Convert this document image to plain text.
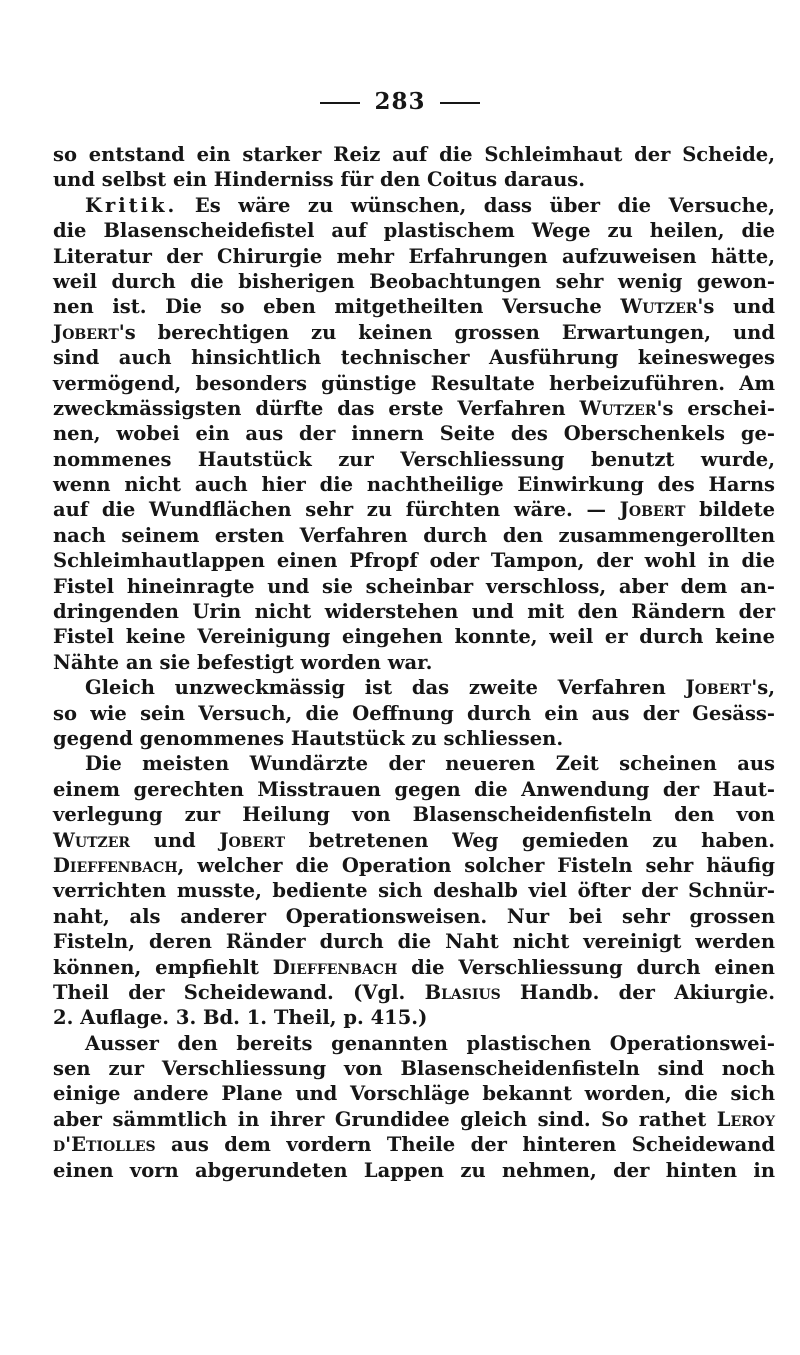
283
so entstand ein starker Reiz auf die Schleimhaut der Scheide,
und selbst ein Hinderniss für den Coitus daraus.
Kritik. Es wäre zu wünschen, dass über die Versuche,
die Blasenscheidefistel auf plastischem Wege zu heilen, die
Literatur der Chirurgie mehr Erfahrungen aufzuweisen hätte,
weil durch die bisherigen Beobachtungen sehr wenig gewon-
nen ist. Die so eben mitgetheilten Versuche Wutzer's und
Jobert's berechtigen zu keinen grossen Erwartungen, und
sind auch hinsichtlich technischer Ausführung keinesweges
vermögend, besonders günstige Resultate herbeizuführen. Am
zweckmässigsten dürfte das erste Verfahren Wutzer's erschei-
nen, wobei ein aus der innern Seite des Oberschenkels ge-
nommenes Hautstück zur Verschliessung benutzt wurde,
wenn nicht auch hier die nachtheilige Einwirkung des Harns
auf die Wundflächen sehr zu fürchten wäre. — Jobert bildete
nach seinem ersten Verfahren durch den zusammengerollten
Schleimhautlappen einen Pfropf oder Tampon, der wohl in die
Fistel hineinragte und sie scheinbar verschloss, aber dem an-
dringenden Urin nicht widerstehen und mit den Rändern der
Fistel keine Vereinigung eingehen konnte, weil er durch keine
Nähte an sie befestigt worden war.
Gleich unzweckmässig ist das zweite Verfahren Jobert's,
so wie sein Versuch, die Oeffnung durch ein aus der Gesäss-
gegend genommenes Hautstück zu schliessen.
Die meisten Wundärzte der neueren Zeit scheinen aus
einem gerechten Misstrauen gegen die Anwendung der Haut-
verlegung zur Heilung von Blasenscheidenfisteln den von
Wutzer und Jobert betretenen Weg gemieden zu haben.
Dieffenbach, welcher die Operation solcher Fisteln sehr häufig
verrichten musste, bediente sich deshalb viel öfter der Schnür-
naht, als anderer Operationsweisen. Nur bei sehr grossen
Fisteln, deren Ränder durch die Naht nicht vereinigt werden
können, empfiehlt Dieffenbach die Verschliessung durch einen
Theil der Scheidewand. (Vgl. Blasius Handb. der Akiurgie.
2. Auflage. 3. Bd. 1. Theil, p. 415.)
Ausser den bereits genannten plastischen Operationswei-
sen zur Verschliessung von Blasenscheidenfisteln sind noch
einige andere Plane und Vorschläge bekannt worden, die sich
aber sämmtlich in ihrer Grundidee gleich sind. So rathet Leroy
d'Etiolles aus dem vordern Theile der hinteren Scheidewand
einen vorn abgerundeten Lappen zu nehmen, der hinten in
